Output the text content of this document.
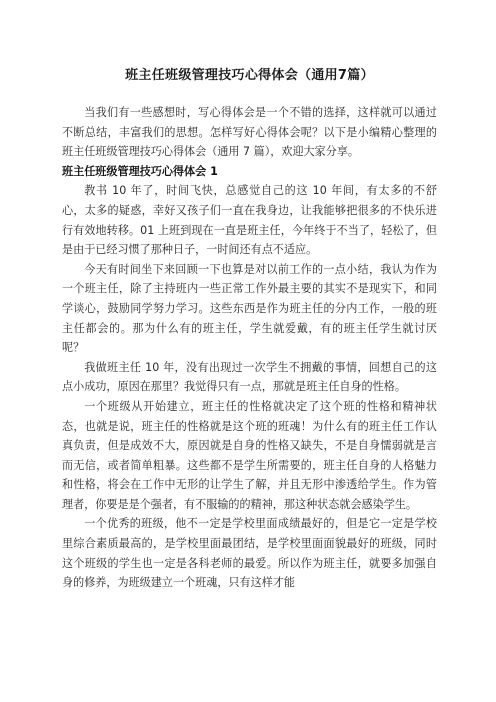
班主任班级管理技巧心得体会（通用7篇）

当我们有一些感想时，写心得体会是一个不错的选择，这样就可以通过不断总结，丰富我们的思想。怎样写好心得体会呢？以下是小编精心整理的班主任班级管理技巧心得体会（通用 7 篇），欢迎大家分享。

班主任班级管理技巧心得体会 1

教书 10 年了，时间飞快，总感觉自己的这 10 年间，有太多的不舒心，太多的疑惑，幸好又孩子们一直在我身边，让我能够把很多的不快乐进行有效地转移。01 上班到现在一直是班主任，今年终于不当了，轻松了，但是由于已经习惯了那种日子，一时间还有点不适应。

今天有时间坐下来回顾一下也算是对以前工作的一点小结，我认为作为一个班主任，除了主持班内一些正常工作外最主要的其实不是现实下，和同学谈心，鼓励同学努力学习。这些东西是作为班主任的分内工作，一般的班主任都会的。那为什么有的班主任，学生就爱戴，有的班主任学生就讨厌呢？

我做班主任 10 年，没有出现过一次学生不拥戴的事情，回想自己的这点小成功，原因在那里？我觉得只有一点，那就是班主任自身的性格。

一个班级从开始建立，班主任的性格就决定了这个班的性格和精神状态，也就是说，班主任的性格就是这个班的班魂！为什么有的班主任工作认真负责，但是成效不大，原因就是自身的性格又缺失，不是自身懦弱就是言而无信，或者简单粗暴。这些都不是学生所需要的，班主任自身的人格魅力和性格，将会在工作中无形的让学生了解，并且无形中渗透给学生。作为管理者，你要是是个强者，有不服输的的精神，那这种状态就会感染学生。

一个优秀的班级，他不一定是学校里面成绩最好的，但是它一定是学校里综合素质最高的，是学校里面最团结，是学校里面面貌最好的班级，同时这个班级的学生也一定是各科老师的最爱。所以作为班主任，就要多加强自身的修养，为班级建立一个班魂，只有这样才能
